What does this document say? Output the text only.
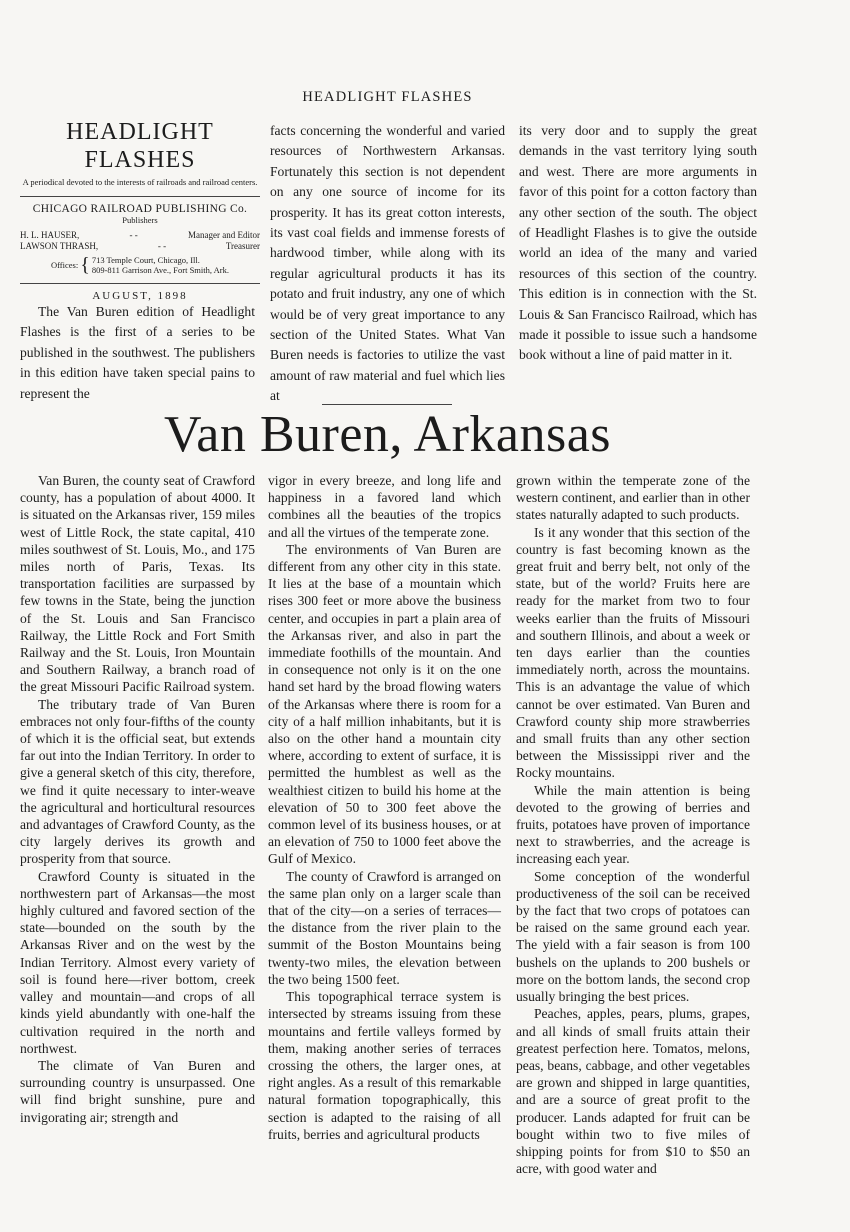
HEADLIGHT FLASHES
HEADLIGHT FLASHES
A periodical devoted to the interests of railroads and railroad centers.
CHICAGO RAILROAD PUBLISHING Co.
Publishers
H. L. HAUSER,	- -	Manager and Editor
LAWSON THRASH,	- -	Treasurer
Offices: { 713 Temple Court, Chicago, Ill.
809-811 Garrison Ave., Fort Smith, Ark.
AUGUST, 1898

The Van Buren edition of Headlight Flashes is the first of a series to be published in the southwest. The publishers in this edition have taken special pains to represent the

facts concerning the wonderful and varied resources of Northwestern Arkansas. Fortunately this section is not dependent on any one source of income for its prosperity. It has its great cotton interests, its vast coal fields and immense forests of hardwood timber, while along with its regular agricultural products it has its potato and fruit industry, any one of which would be of very great importance to any section of the United States. What Van Buren needs is factories to utilize the vast amount of raw material and fuel which lies at

its very door and to supply the great demands in the vast territory lying south and west. There are more arguments in favor of this point for a cotton factory than any other section of the south. The object of Headlight Flashes is to give the outside world an idea of the many and varied resources of this section of the country. This edition is in connection with the St. Louis & San Francisco Railroad, which has made it possible to issue such a handsome book without a line of paid matter in it.

Van Buren, Arkansas

Van Buren, the county seat of Crawford county, has a population of about 4000. It is situated on the Arkansas river, 159 miles west of Little Rock, the state capital, 410 miles southwest of St. Louis, Mo., and 175 miles north of Paris, Texas. Its transportation facilities are surpassed by few towns in the State, being the junction of the St. Louis and San Francisco Railway, the Little Rock and Fort Smith Railway and the St. Louis, Iron Mountain and Southern Railway, a branch road of the great Missouri Pacific Railroad system.

The tributary trade of Van Buren embraces not only four-fifths of the county of which it is the official seat, but extends far out into the Indian Territory. In order to give a general sketch of this city, therefore, we find it quite necessary to inter-weave the agricultural and horticultural resources and advantages of Crawford County, as the city largely derives its growth and prosperity from that source.

Crawford County is situated in the northwestern part of Arkansas—the most highly cultured and favored section of the state—bounded on the south by the Arkansas River and on the west by the Indian Territory. Almost every variety of soil is found here—river bottom, creek valley and mountain—and crops of all kinds yield abundantly with one-half the cultivation required in the north and northwest.

The climate of Van Buren and surrounding country is unsurpassed. One will find bright sunshine, pure and invigorating air; strength and

vigor in every breeze, and long life and happiness in a favored land which combines all the beauties of the tropics and all the virtues of the temperate zone.

The environments of Van Buren are different from any other city in this state. It lies at the base of a mountain which rises 300 feet or more above the business center, and occupies in part a plain area of the Arkansas river, and also in part the immediate foothills of the mountain. And in consequence not only is it on the one hand set hard by the broad flowing waters of the Arkansas where there is room for a city of a half million inhabitants, but it is also on the other hand a mountain city where, according to extent of surface, it is permitted the humblest as well as the wealthiest citizen to build his home at the elevation of 50 to 300 feet above the common level of its business houses, or at an elevation of 750 to 1000 feet above the Gulf of Mexico.

The county of Crawford is arranged on the same plan only on a larger scale than that of the city—on a series of terraces—the distance from the river plain to the summit of the Boston Mountains being twenty-two miles, the elevation between the two being 1500 feet.

This topographical terrace system is intersected by streams issuing from these mountains and fertile valleys formed by them, making another series of terraces crossing the others, the larger ones, at right angles. As a result of this remarkable natural formation topographically, this section is adapted to the raising of all fruits, berries and agricultural products

grown within the temperate zone of the western continent, and earlier than in other states naturally adapted to such products.

Is it any wonder that this section of the country is fast becoming known as the great fruit and berry belt, not only of the state, but of the world? Fruits here are ready for the market from two to four weeks earlier than the fruits of Missouri and southern Illinois, and about a week or ten days earlier than the counties immediately north, across the mountains. This is an advantage the value of which cannot be over estimated. Van Buren and Crawford county ship more strawberries and small fruits than any other section between the Mississippi river and the Rocky mountains.

While the main attention is being devoted to the growing of berries and fruits, potatoes have proven of importance next to strawberries, and the acreage is increasing each year.

Some conception of the wonderful productiveness of the soil can be received by the fact that two crops of potatoes can be raised on the same ground each year. The yield with a fair season is from 100 bushels on the uplands to 200 bushels or more on the bottom lands, the second crop usually bringing the best prices.

Peaches, apples, pears, plums, grapes, and all kinds of small fruits attain their greatest perfection here. Tomatos, melons, peas, beans, cabbage, and other vegetables are grown and shipped in large quantities, and are a source of great profit to the producer. Lands adapted for fruit can be bought within two to five miles of shipping points for from $10 to $50 an acre, with good water and
